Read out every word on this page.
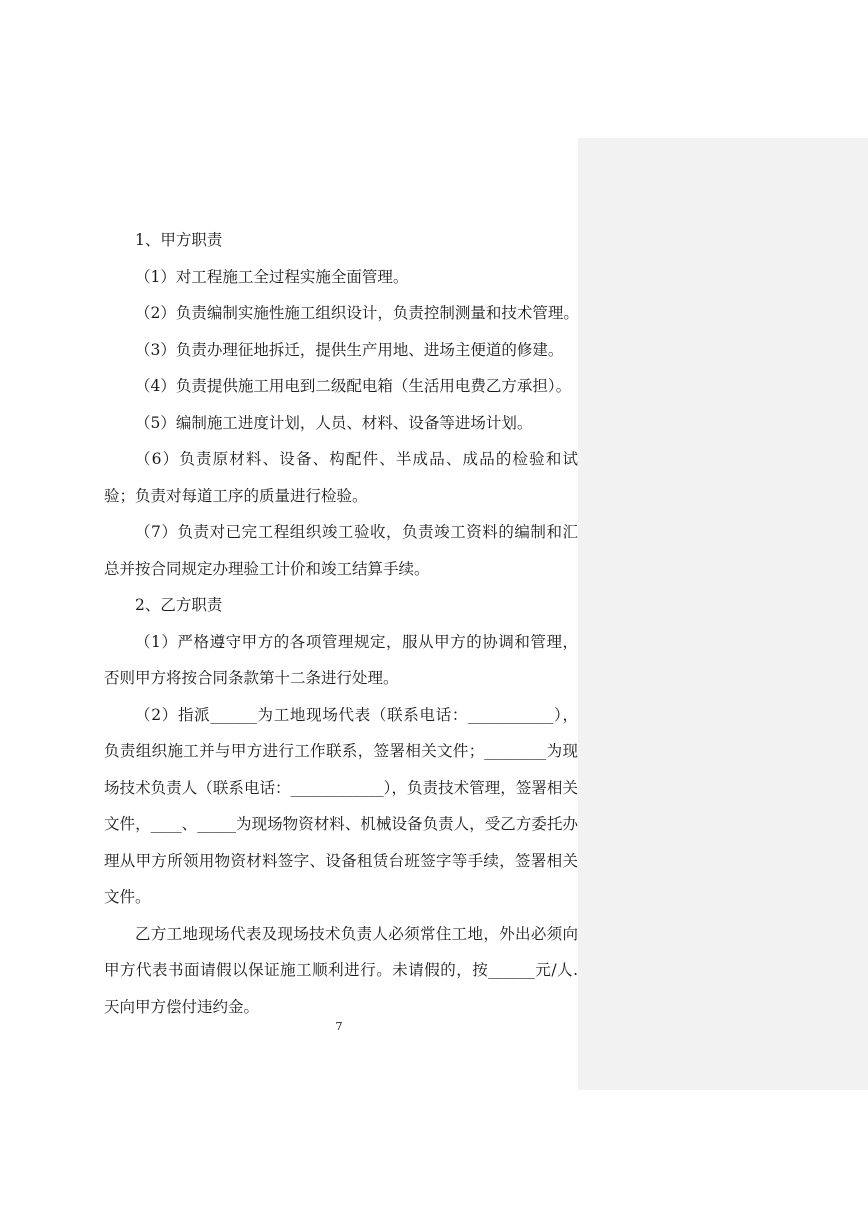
1、甲方职责

（1）对工程施工全过程实施全面管理。

（2）负责编制实施性施工组织设计，负责控制测量和技术管理。

（3）负责办理征地拆迁，提供生产用地、进场主便道的修建。

（4）负责提供施工用电到二级配电箱（生活用电费乙方承担）。

（5）编制施工进度计划，人员、材料、设备等进场计划。

（6）负责原材料、设备、构配件、半成品、成品的检验和试验；负责对每道工序的质量进行检验。

（7）负责对已完工程组织竣工验收，负责竣工资料的编制和汇总并按合同规定办理验工计价和竣工结算手续。

2、乙方职责

（1）严格遵守甲方的各项管理规定，服从甲方的协调和管理，否则甲方将按合同条款第十二条进行处理。

（2）指派______为工地现场代表（联系电话：___________），负责组织施工并与甲方进行工作联系，签署相关文件；________为现场技术负责人（联系电话：____________），负责技术管理，签署相关文件，____、_____为现场物资材料、机械设备负责人，受乙方委托办理从甲方所领用物资材料签字、设备租赁台班签字等手续，签署相关文件。

乙方工地现场代表及现场技术负责人必须常住工地，外出必须向甲方代表书面请假以保证施工顺利进行。未请假的，按______元/人.天向甲方偿付违约金。

7
